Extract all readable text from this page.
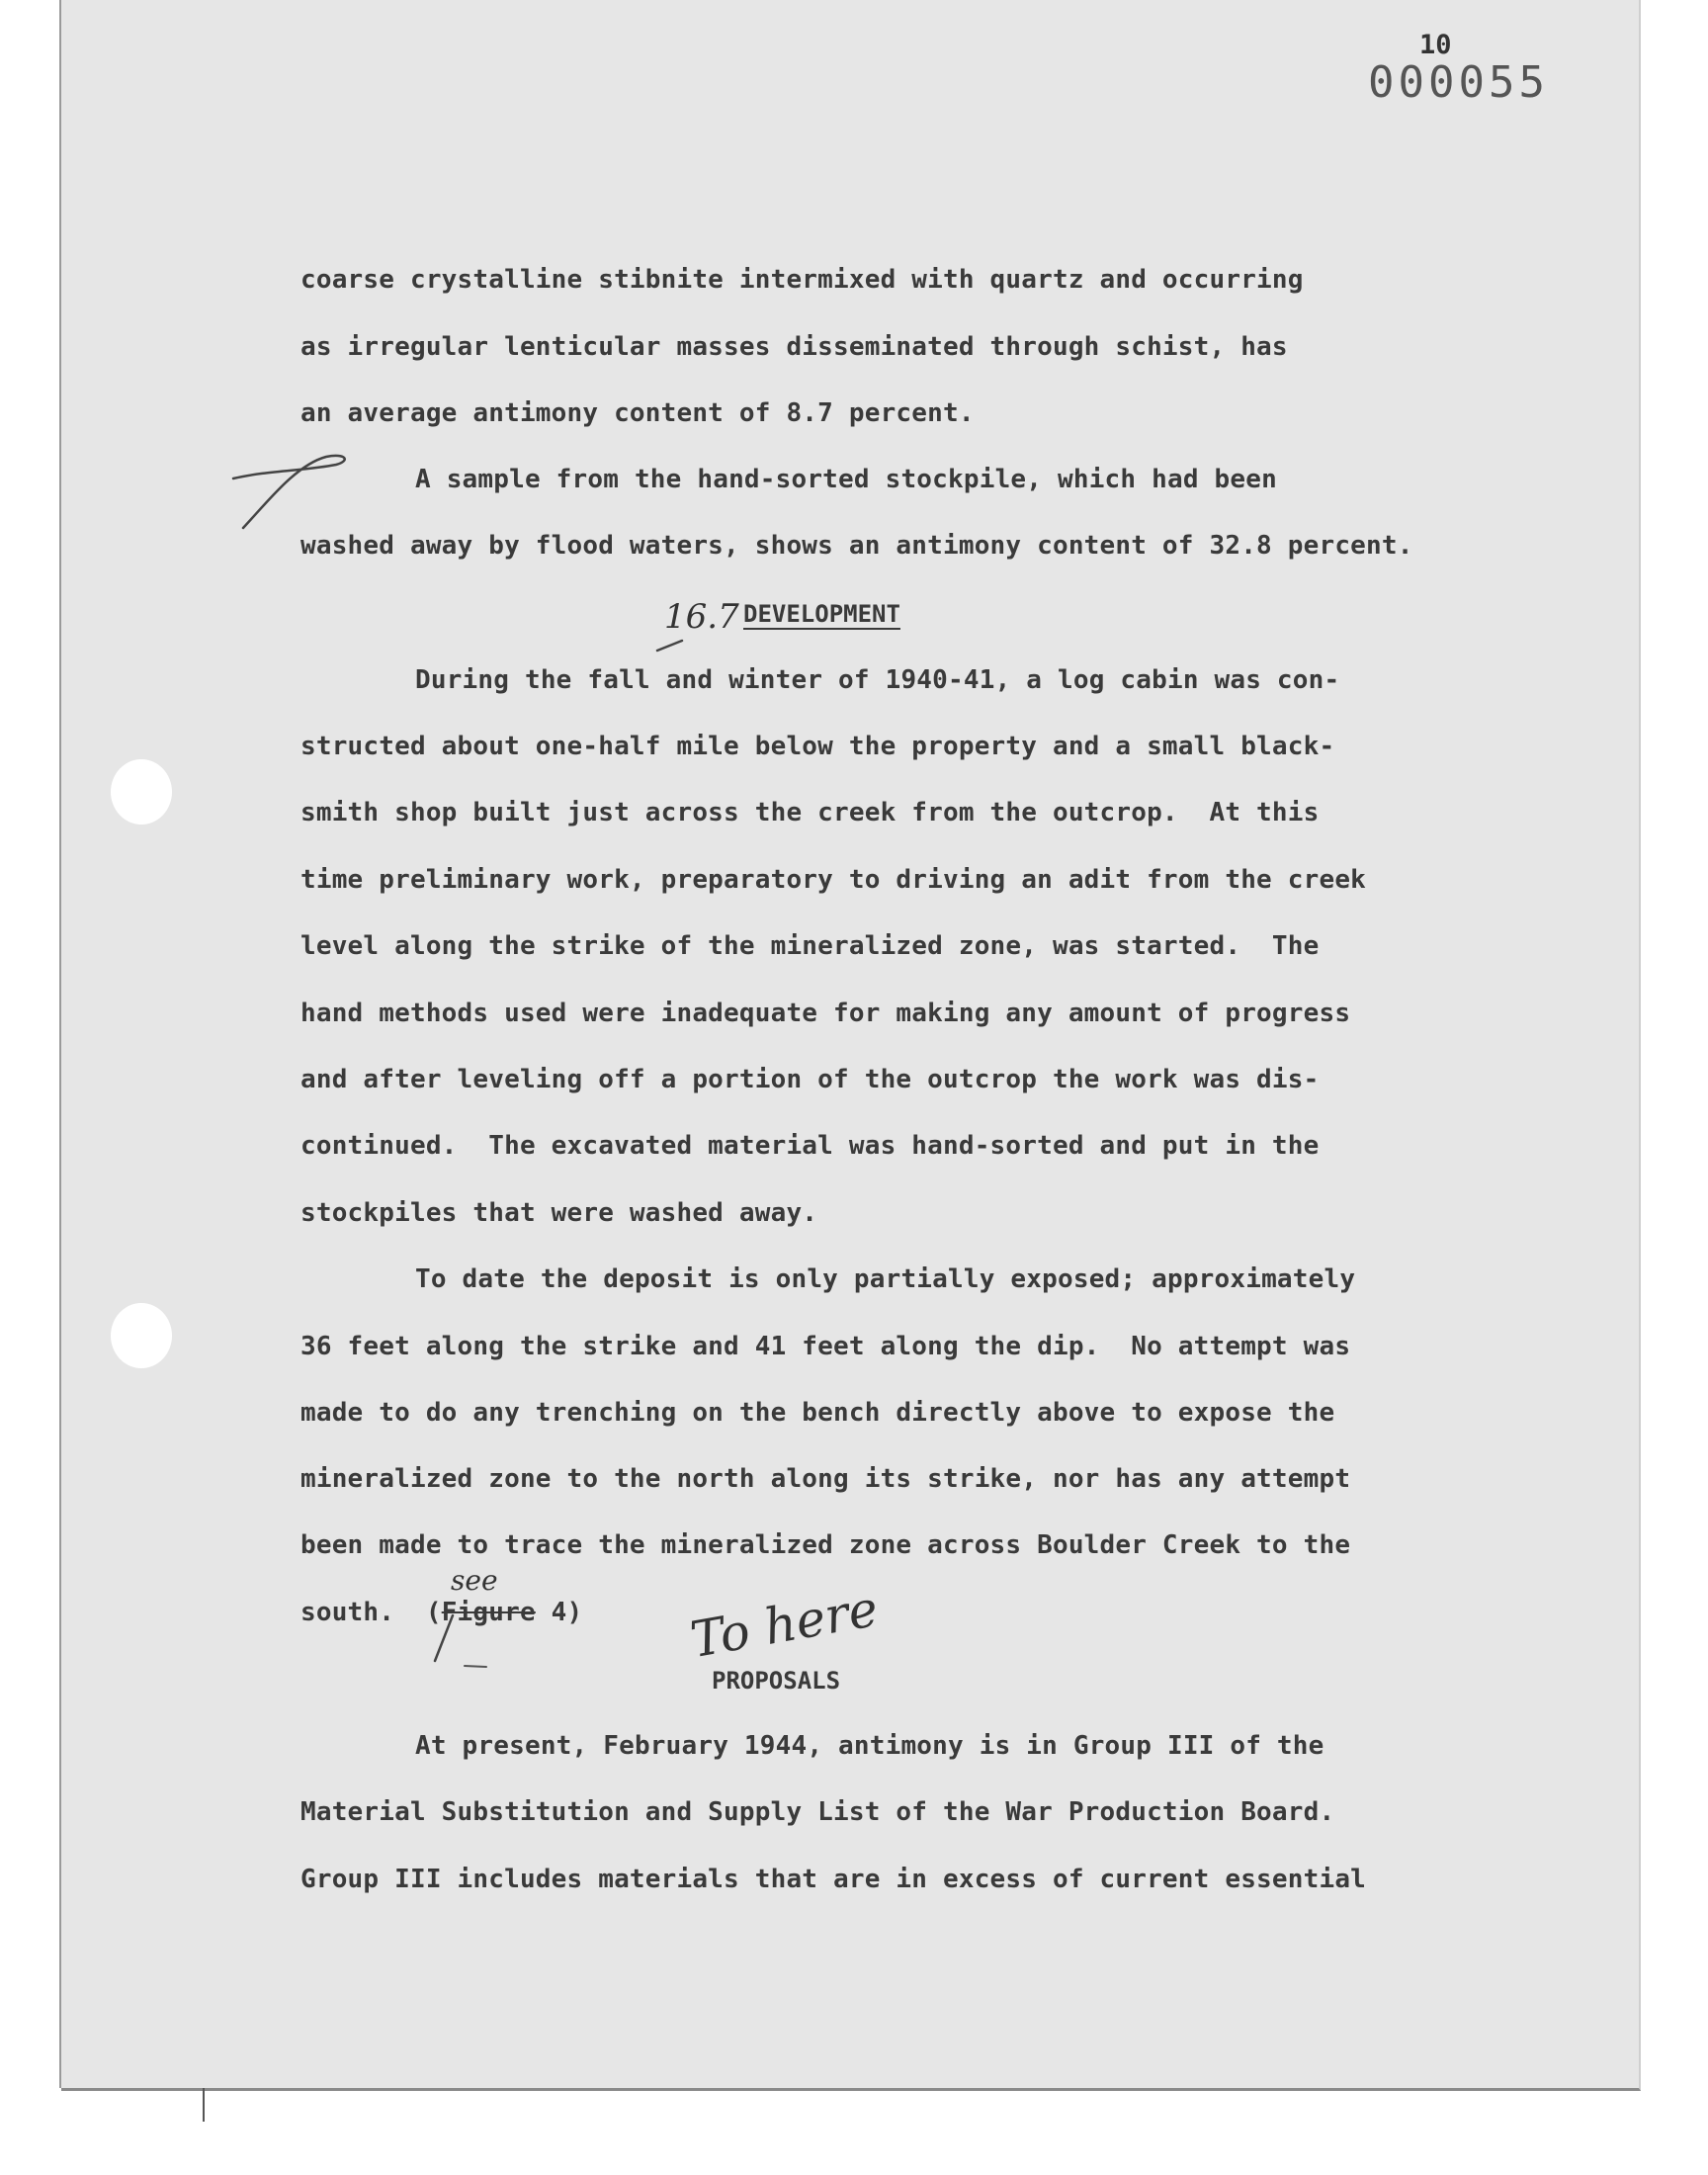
10
000055
coarse crystalline stibnite intermixed with quartz and occurring
as irregular lenticular masses disseminated through schist, has
an average antimony content of 8.7 percent.
A sample from the hand-sorted stockpile, which had been
washed away by flood waters, shows an antimony content of 32.8 percent.
DEVELOPMENT
16.7
During the fall and winter of 1940-41, a log cabin was con-
structed about one-half mile below the property and a small black-
smith shop built just across the creek from the outcrop.  At this
time preliminary work, preparatory to driving an adit from the creek
level along the strike of the mineralized zone, was started.  The
hand methods used were inadequate for making any amount of progress
and after leveling off a portion of the outcrop the work was dis-
continued.  The excavated material was hand-sorted and put in the
stockpiles that were washed away.
To date the deposit is only partially exposed; approximately
36 feet along the strike and 41 feet along the dip.  No attempt was
made to do any trenching on the bench directly above to expose the
mineralized zone to the north along its strike, nor has any attempt
been made to trace the mineralized zone across Boulder Creek to the
south.  (Figure 4)
see	To here
PROPOSALS
At present, February 1944, antimony is in Group III of the
Material Substitution and Supply List of the War Production Board.
Group III includes materials that are in excess of current essential
